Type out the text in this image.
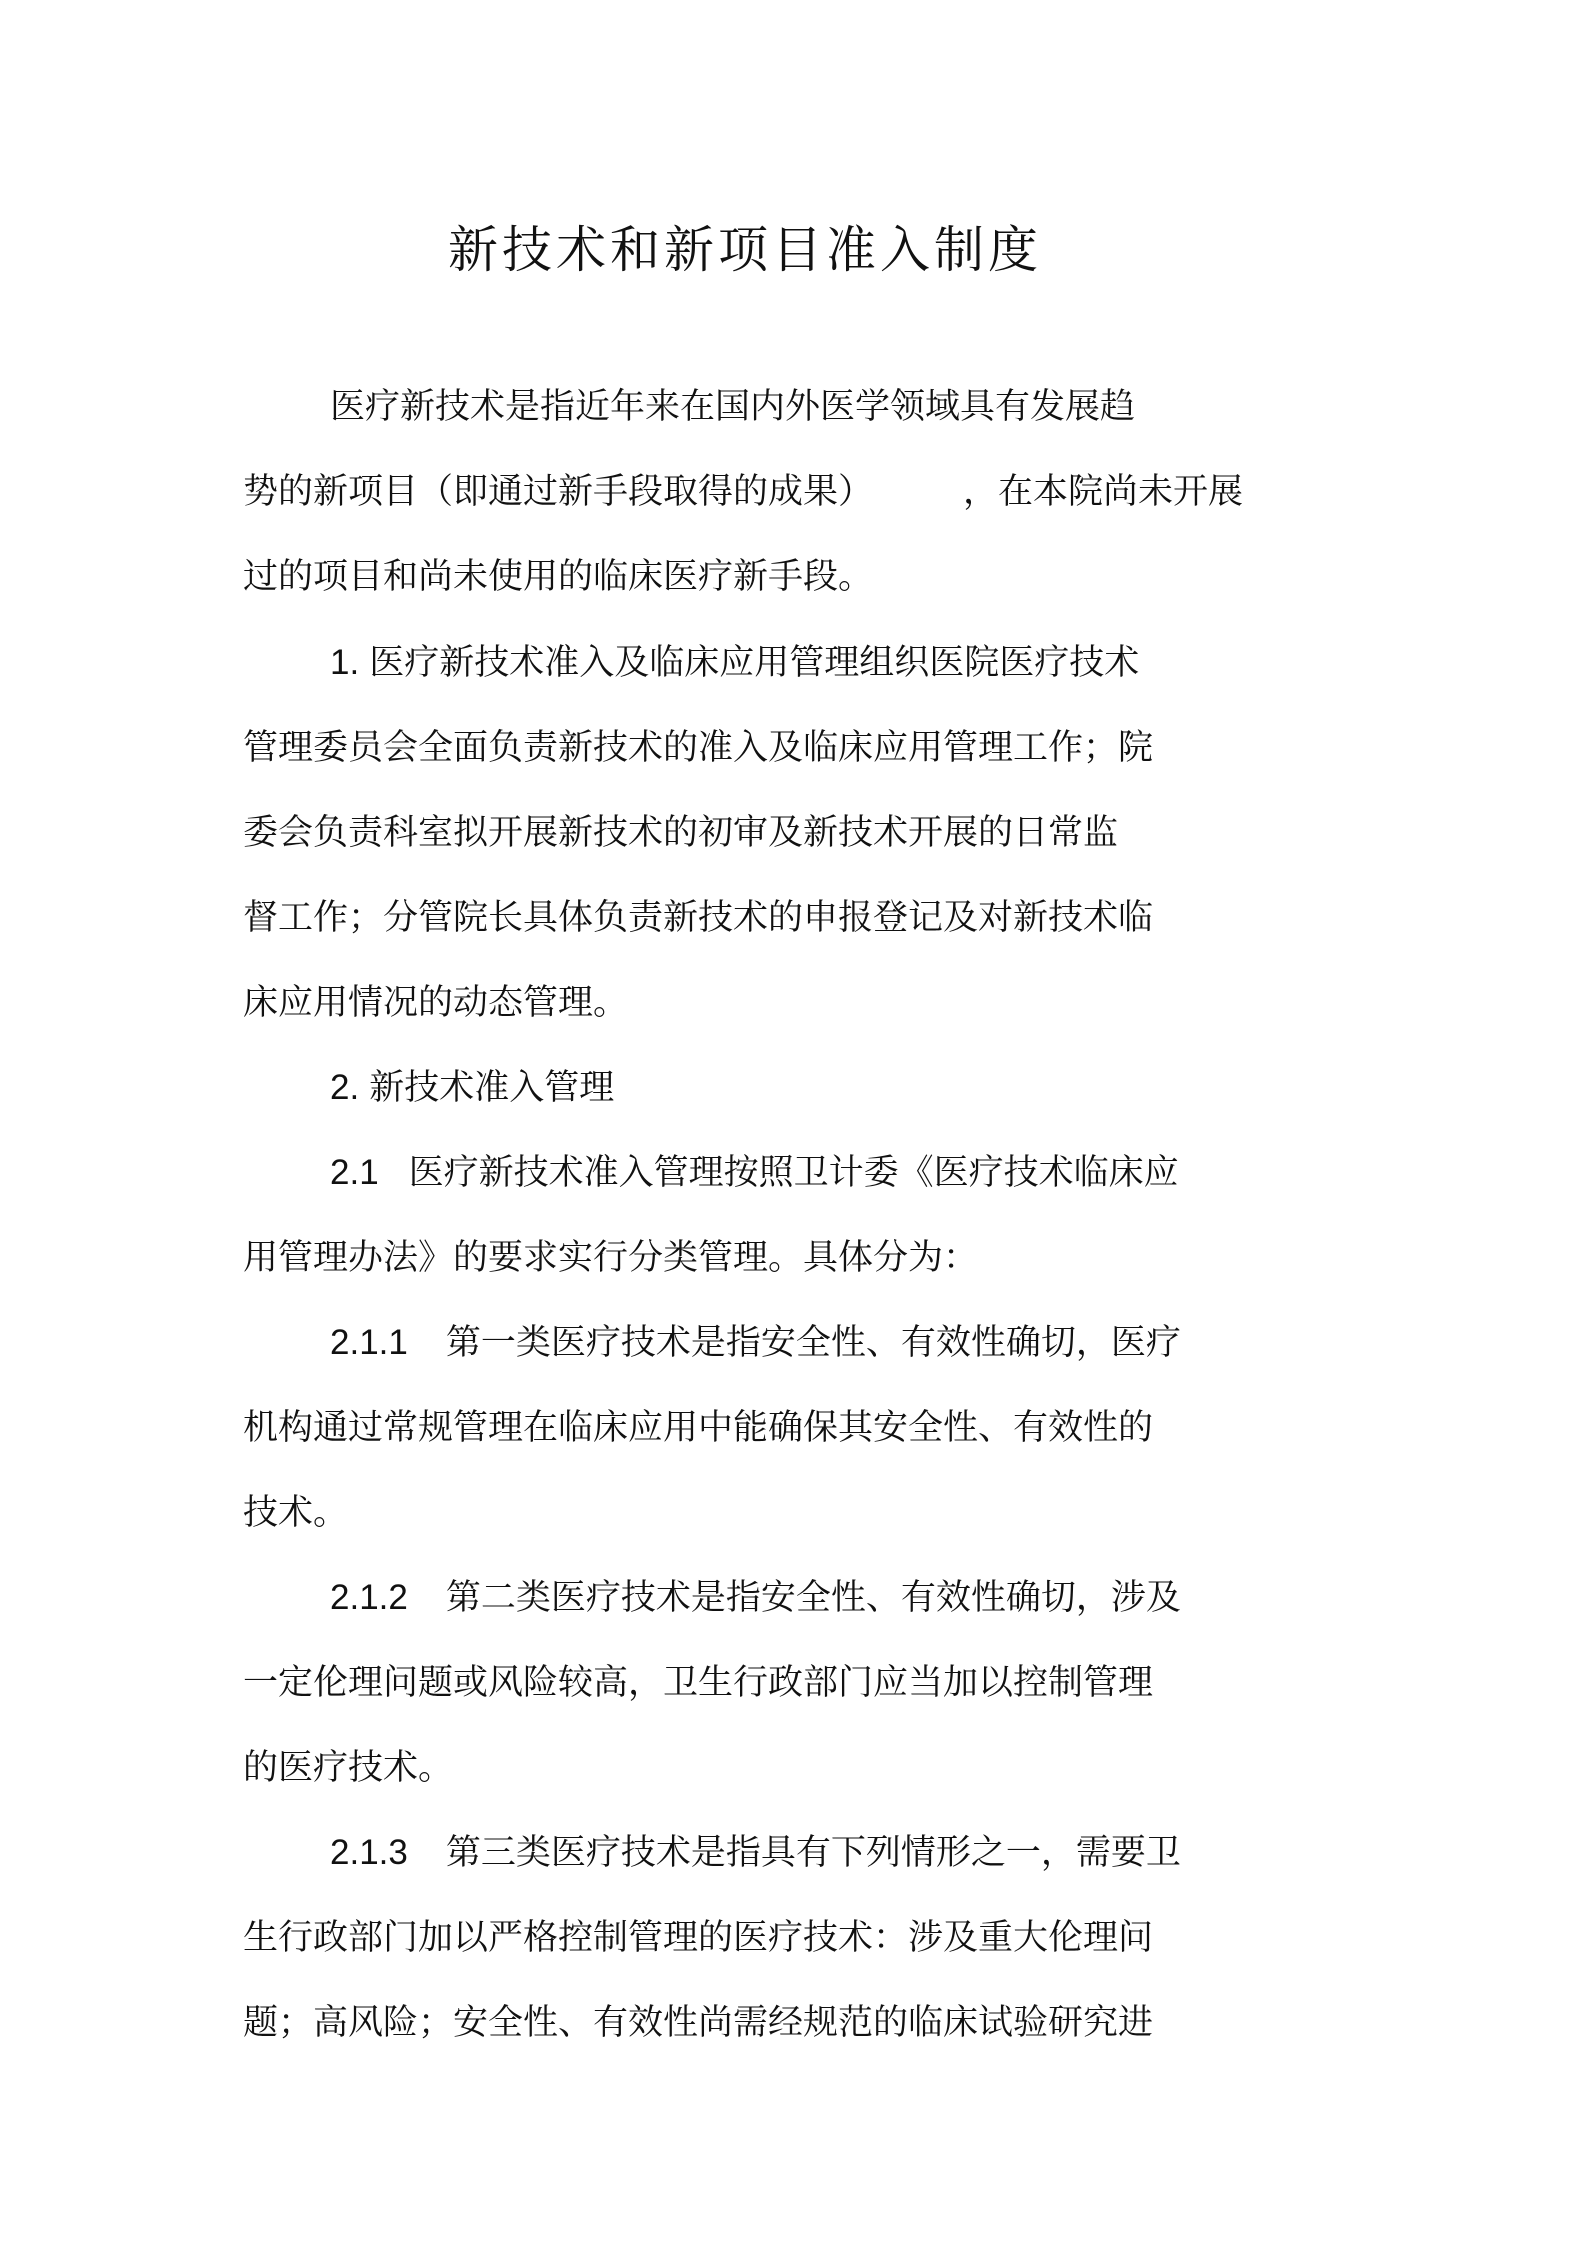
新技术和新项目准入制度
医疗新技术是指近年来在国内外医学领域具有发展趋
势的新项目（即通过新手段取得的成果）	，在本院尚未开展
过的项目和尚未使用的临床医疗新手段。
1. 医疗新技术准入及临床应用管理组织医院医疗技术
管理委员会全面负责新技术的准入及临床应用管理工作；院
委会负责科室拟开展新技术的初审及新技术开展的日常监
督工作；分管院长具体负责新技术的申报登记及对新技术临
床应用情况的动态管理。
2. 新技术准入管理
2.1 医疗新技术准入管理按照卫计委《医疗技术临床应
用管理办法》的要求实行分类管理。具体分为：
2.1.1 第一类医疗技术是指安全性、有效性确切，医疗
机构通过常规管理在临床应用中能确保其安全性、有效性的
技术。
2.1.2 第二类医疗技术是指安全性、有效性确切，涉及
一定伦理问题或风险较高，卫生行政部门应当加以控制管理
的医疗技术。
2.1.3 第三类医疗技术是指具有下列情形之一，需要卫
生行政部门加以严格控制管理的医疗技术：涉及重大伦理问
题；高风险；安全性、有效性尚需经规范的临床试验研究进
